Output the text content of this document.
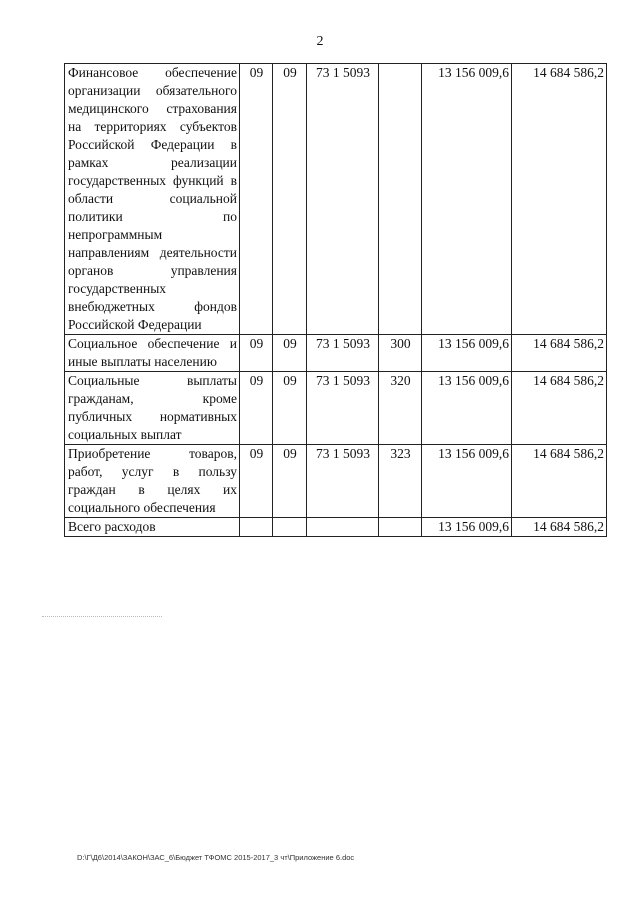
2
Финансовое обеспечение организации обязательного медицинского страхования на территориях субъектов Российской Федерации в рамках реализации государственных функций в области социальной политики по непрограммным направлениям деятельности органов управления государственных внебюджетных фондов Российской Федерации	09	09	73 1 5093		13 156 009,6	14 684 586,2
Социальное обеспечение и иные выплаты населению	09	09	73 1 5093	300	13 156 009,6	14 684 586,2
Социальные выплаты гражданам, кроме публичных нормативных социальных выплат	09	09	73 1 5093	320	13 156 009,6	14 684 586,2
Приобретение товаров, работ, услуг в пользу граждан в целях их социального обеспечения	09	09	73 1 5093	323	13 156 009,6	14 684 586,2
Всего расходов					13 156 009,6	14 684 586,2
D:\Г\Д6\2014\ЗАКОН\ЗАС_6\Бюджет ТФОМС 2015-2017_3 чт\Приложение 6.doc
